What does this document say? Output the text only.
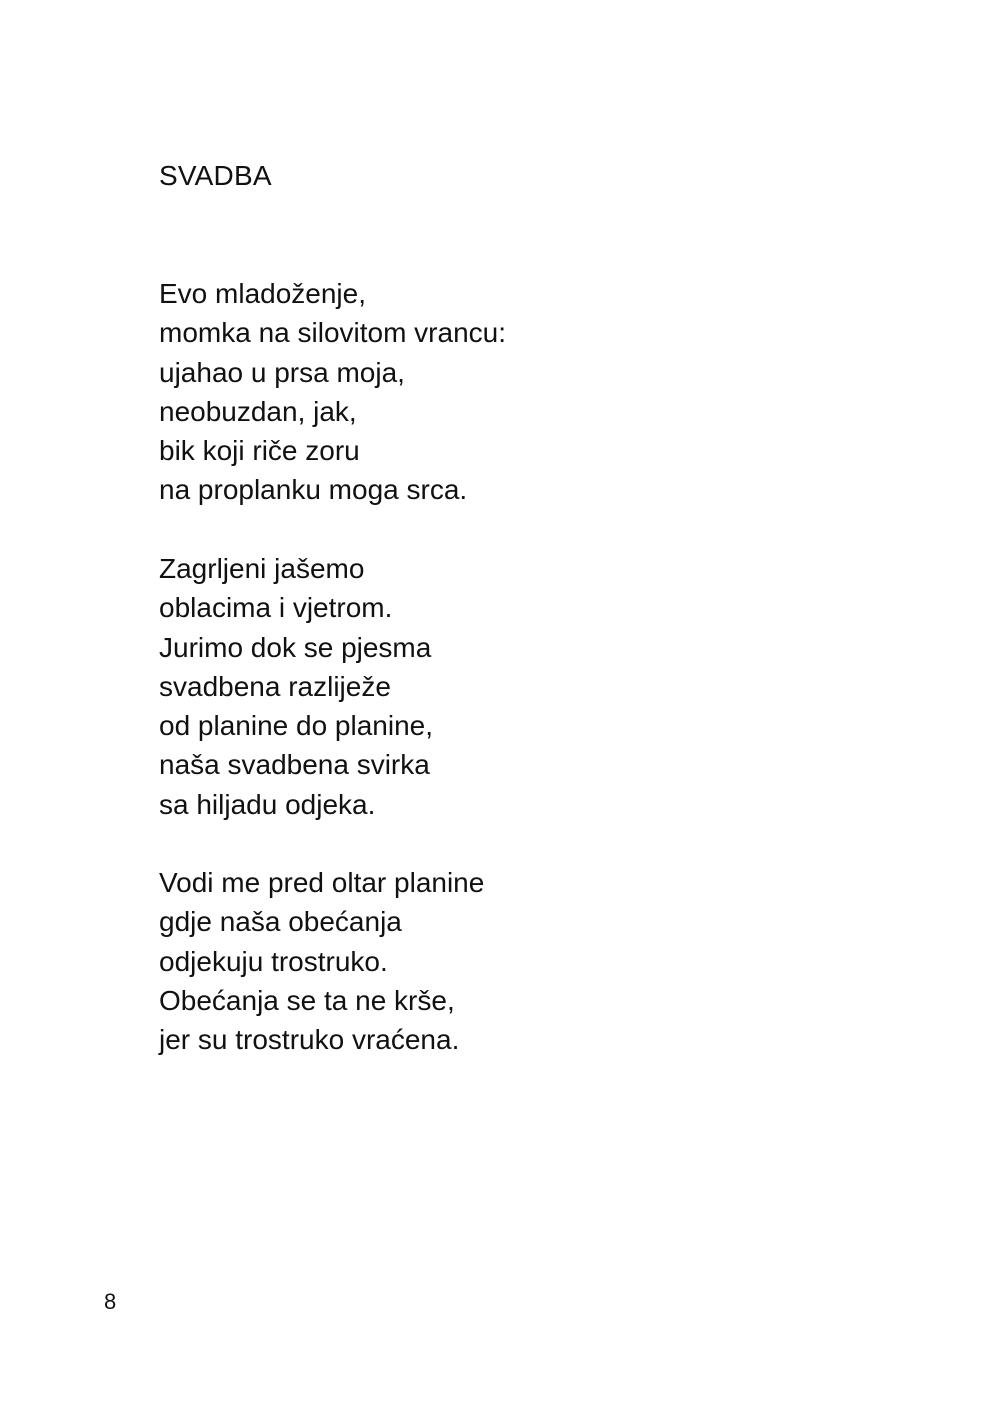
SVADBA
Evo mladoženje,
momka na silovitom vrancu:
ujahao u prsa moja,
neobuzdan, jak,
bik koji riče zoru
na proplanku moga srca.
Zagrljeni jašemo
oblacima i vjetrom.
Jurimo dok se pjesma
svadbena razliježe
od planine do planine,
naša svadbena svirka
sa hiljadu odjeka.
Vodi me pred oltar planine
gdje naša obećanja
odjekuju trostruko.
Obećanja se ta ne krše,
jer su trostruko vraćena.
8
